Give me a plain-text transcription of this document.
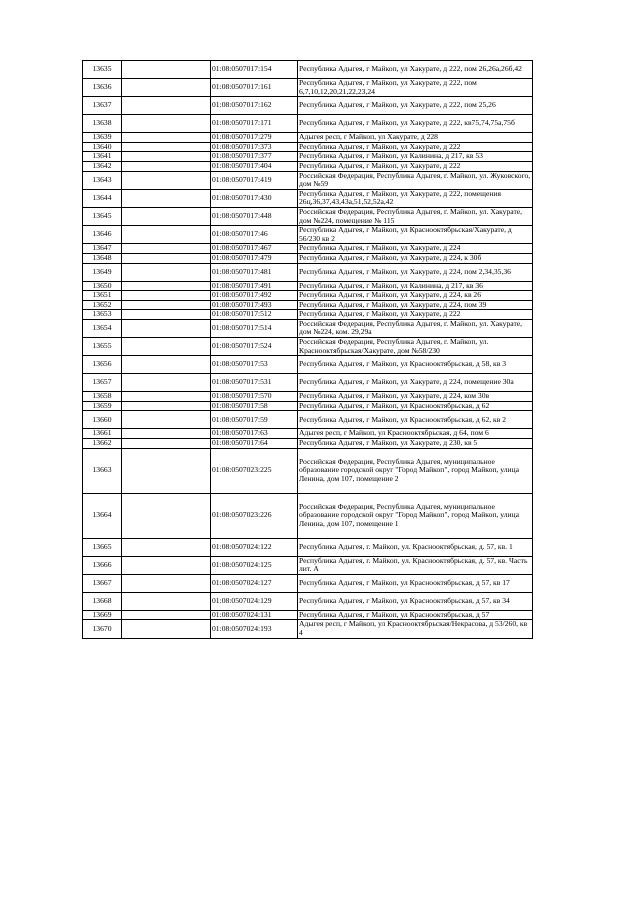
13635		01:08:0507017:154	Республика Адыгея, г Майкоп, ул Хакурате, д 222, пом 26,26а,26б,42
13636		01:08:0507017:161	Республика Адыгея, г Майкоп, ул Хакурате, д 222, пом 6,7,10,12,20,21,22,23,24
13637		01:08:0507017:162	Республика Адыгея, г Майкоп, ул Хакурате, д 222, пом 25,26
13638		01:08:0507017:171	Республика Адыгея, г Майкоп, ул Хакурате, д 222, кв75,74,75а,75б
13639		01:08:0507017:279	Адыгея респ, г Майкоп, ул Хакурате, д 228
13640		01:08:0507017:373	Республика Адыгея, г Майкоп, ул Хакурате, д 222
13641		01:08:0507017:377	Республика Адыгея, г Майкоп, ул Калинина, д 217, кв 53
13642		01:08:0507017:404	Республика Адыгея, г Майкоп, ул Хакурате, д 222
13643		01:08:0507017:419	Российская Федерация, Республика Адыгея, г. Майкоп, ул. Жуковского, дом №59
13644		01:08:0507017:430	Республика Адыгея, г Майкоп, ул Хакурате, д 222, помещения 26ц,36,37,43,43а,51,52,52а,42
13645		01:08:0507017:448	Российская Федерация, Республика Адыгея, г. Майкоп, ул. Хакурате, дом №224, помещение № 115
13646		01:08:0507017:46	Республика Адыгея, г Майкоп, ул Краснооктябрьская/Хакурате, д 56/230 кв 2
13647		01:08:0507017:467	Республика Адыгея, г Майкоп, ул Хакурате, д 224
13648		01:08:0507017:479	Республика Адыгея, г Майкоп, ул Хакурате, д 224, к 30б
13649		01:08:0507017:481	Республика Адыгея, г Майкоп, ул Хакурате, д 224, пом 2,34,35,36
13650		01:08:0507017:491	Республика Адыгея, г Майкоп, ул Калинина, д 217, кв 36
13651		01:08:0507017:492	Республика Адыгея, г Майкоп, ул Хакурате, д 224, кв 26
13652		01:08:0507017:493	Республика Адыгея, г Майкоп, ул Хакурате, д 224, пом 39
13653		01:08:0507017:512	Республика Адыгея, г Майкоп, ул Хакурате, д 222
13654		01:08:0507017:514	Российская Федерация, Республика Адыгея, г. Майкоп, ул. Хакурате, дом №224, ком. 29,29а
13655		01:08:0507017:524	Российская Федерация, Республика Адыгея, г. Майкоп, ул. Краснооктябрьская/Хакурате, дом №58/230
13656		01:08:0507017:53	Республика Адыгея, г Майкоп, ул Краснооктябрьская, д 58, кв 3
13657		01:08:0507017:531	Республика Адыгея, г Майкоп, ул Хакурате, д 224, помещение 30а
13658		01:08:0507017:570	Республика Адыгея, г Майкоп, ул Хакурате, д 224, ком 30в
13659		01:08:0507017:58	Республика Адыгея, г Майкоп, ул Краснооктябрьская, д 62
13660		01:08:0507017:59	Республика Адыгея, г Майкоп, ул Краснооктябрьская, д 62, кв 2
13661		01:08:0507017:63	Адыгея респ, г Майкоп, ул Краснооктябрьская, д 64, пом 6
13662		01:08:0507017:64	Республика Адыгея, г Майкоп, ул Хакурате, д 230, кв 5
13663		01:08:0507023:225	Российская Федерация, Республика Адыгея, муниципальное образование городской округ "Город Майкоп", город Майкоп, улица Ленина, дом 107, помещение 2
13664		01:08:0507023:226	Российская Федерация, Республика Адыгея, муниципальное образование городской округ "Город Майкоп", город Майкоп, улица Ленина, дом 107, помещение 1
13665		01:08:0507024:122	Республика Адыгея, г. Майкоп, ул. Краснооктябрьская, д. 57, кв. 1
13666		01:08:0507024:125	Республика Адыгея, г. Майкоп, ул. Краснооктябрьская, д. 57, кв. Часть лит. А
13667		01:08:0507024:127	Республика Адыгея, г Майкоп, ул Краснооктябрьская, д 57, кв 17
13668		01:08:0507024:129	Республика Адыгея, г Майкоп, ул Краснооктябрьская, д 57, кв 34
13669		01:08:0507024:131	Республика Адыгея, г Майкоп, ул Краснооктябрьская, д 57
13670		01:08:0507024:193	Адыгея респ, г Майкоп, ул Краснооктябрьская/Некрасова, д 53/260, кв 4
